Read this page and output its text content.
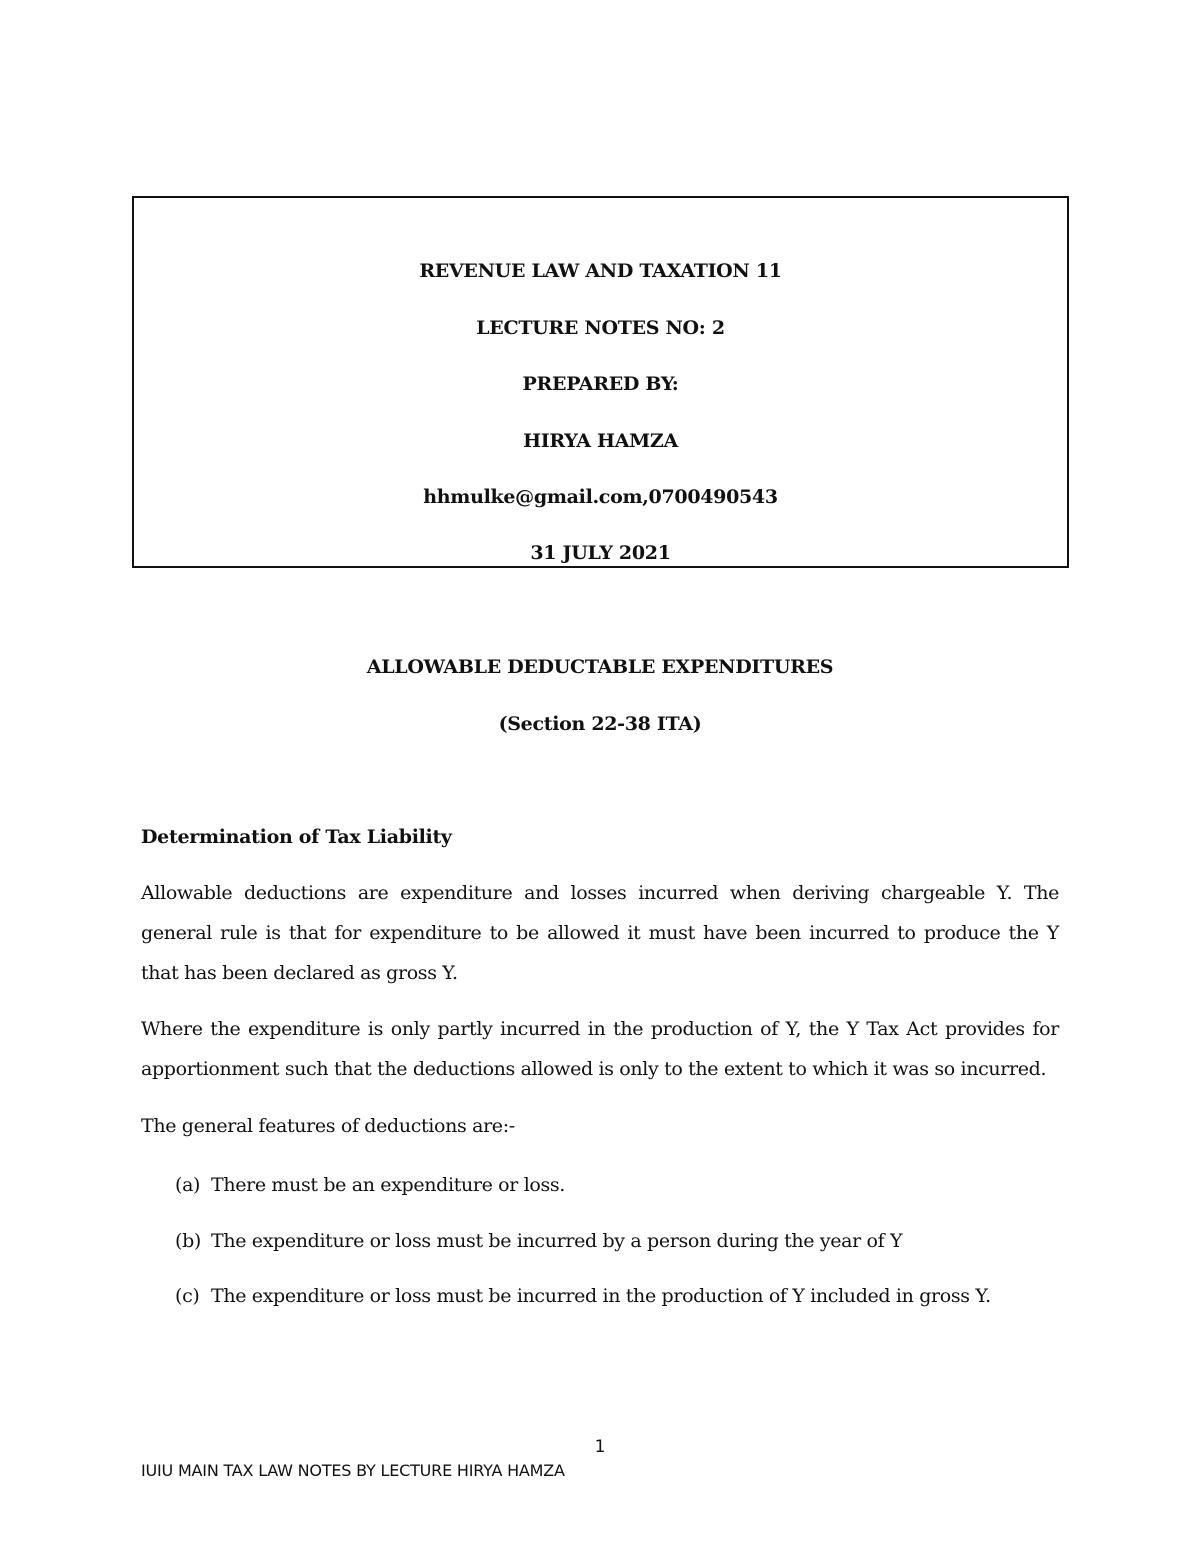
REVENUE LAW AND TAXATION 11
LECTURE NOTES NO: 2
PREPARED BY:
HIRYA HAMZA
hhmulke@gmail.com,0700490543
31 JULY 2021
ALLOWABLE DEDUCTABLE EXPENDITURES
(Section 22-38 ITA)
Determination of Tax Liability
Allowable deductions are expenditure and losses incurred when deriving chargeable Y. The general rule is that for expenditure to be allowed it must have been incurred to produce the Y that has been declared as gross Y.
Where the expenditure is only partly incurred in the production of Y, the Y Tax Act provides for apportionment such that the deductions allowed is only to the extent to which it was so incurred.
The general features of deductions are:-
(a) There must be an expenditure or loss.
(b) The expenditure or loss must be incurred by a person during the year of Y
(c) The expenditure or loss must be incurred in the production of Y included in gross Y.
1
IUIU MAIN TAX LAW NOTES BY LECTURE HIRYA HAMZA
